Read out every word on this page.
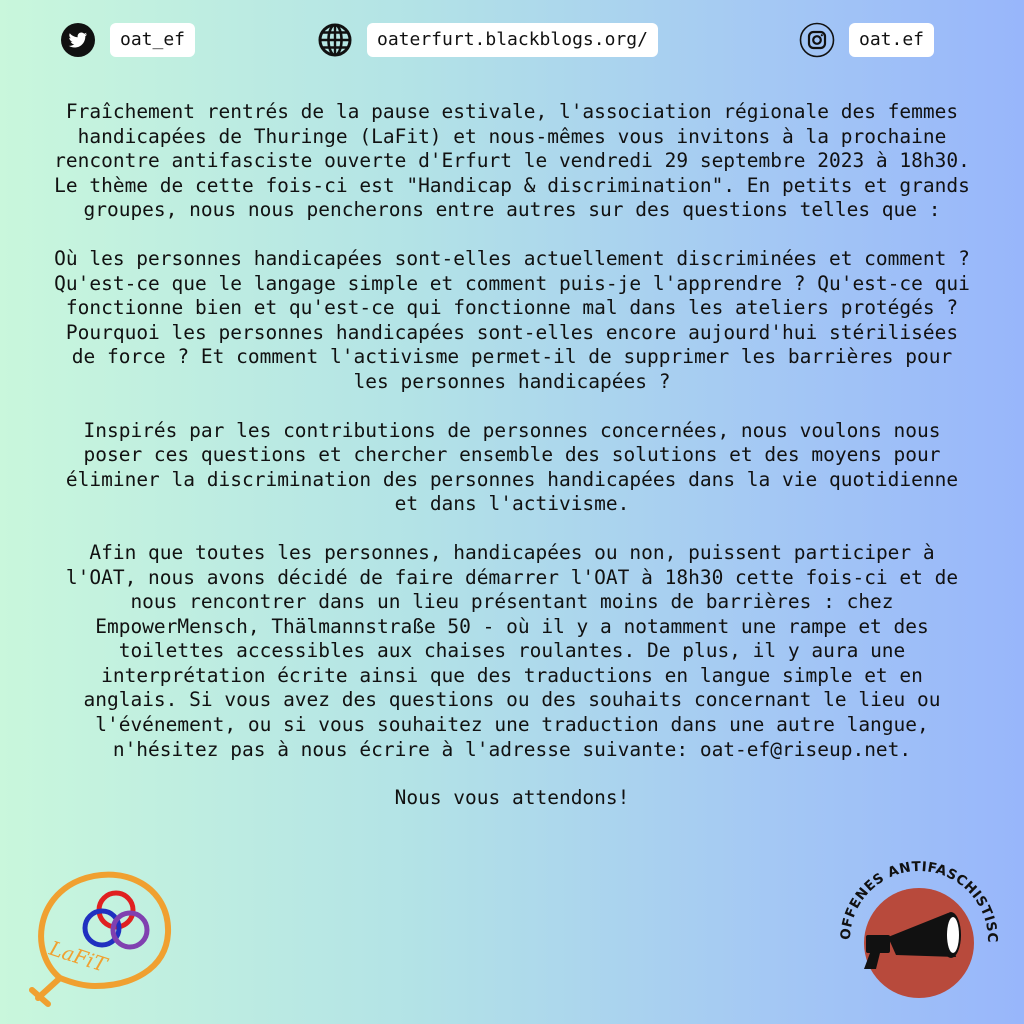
oat_ef	oaterfurt.blackblogs.org/	oat.ef

Fraîchement rentrés de la pause estivale, l'association régionale des femmes handicapées de Thuringe (LaFit) et nous-mêmes vous invitons à la prochaine rencontre antifasciste ouverte d'Erfurt le vendredi 29 septembre 2023 à 18h30. Le thème de cette fois-ci est "Handicap & discrimination". En petits et grands groupes, nous nous pencherons entre autres sur des questions telles que :

Où les personnes handicapées sont-elles actuellement discriminées et comment ? Qu'est-ce que le langage simple et comment puis-je l'apprendre ? Qu'est-ce qui fonctionne bien et qu'est-ce qui fonctionne mal dans les ateliers protégés ? Pourquoi les personnes handicapées sont-elles encore aujourd'hui stérilisées de force ? Et comment l'activisme permet-il de supprimer les barrières pour les personnes handicapées ?

Inspirés par les contributions de personnes concernées, nous voulons nous poser ces questions et chercher ensemble des solutions et des moyens pour éliminer la discrimination des personnes handicapées dans la vie quotidienne et dans l'activisme.

Afin que toutes les personnes, handicapées ou non, puissent participer à l'OAT, nous avons décidé de faire démarrer l'OAT à 18h30 cette fois-ci et de nous rencontrer dans un lieu présentant moins de barrières : chez EmpowerMensch, Thälmannstraße 50 - où il y a notamment une rampe et des toilettes accessibles aux chaises roulantes. De plus, il y aura une interprétation écrite ainsi que des traductions en langue simple et en anglais. Si vous avez des questions ou des souhaits concernant le lieu ou l'événement, ou si vous souhaitez une traduction dans une autre langue, n'hésitez pas à nous écrire à l'adresse suivante: oat-ef@riseup.net.

Nous vous attendons!

LaFiT
OFFENES ANTIFASCHISTISC
